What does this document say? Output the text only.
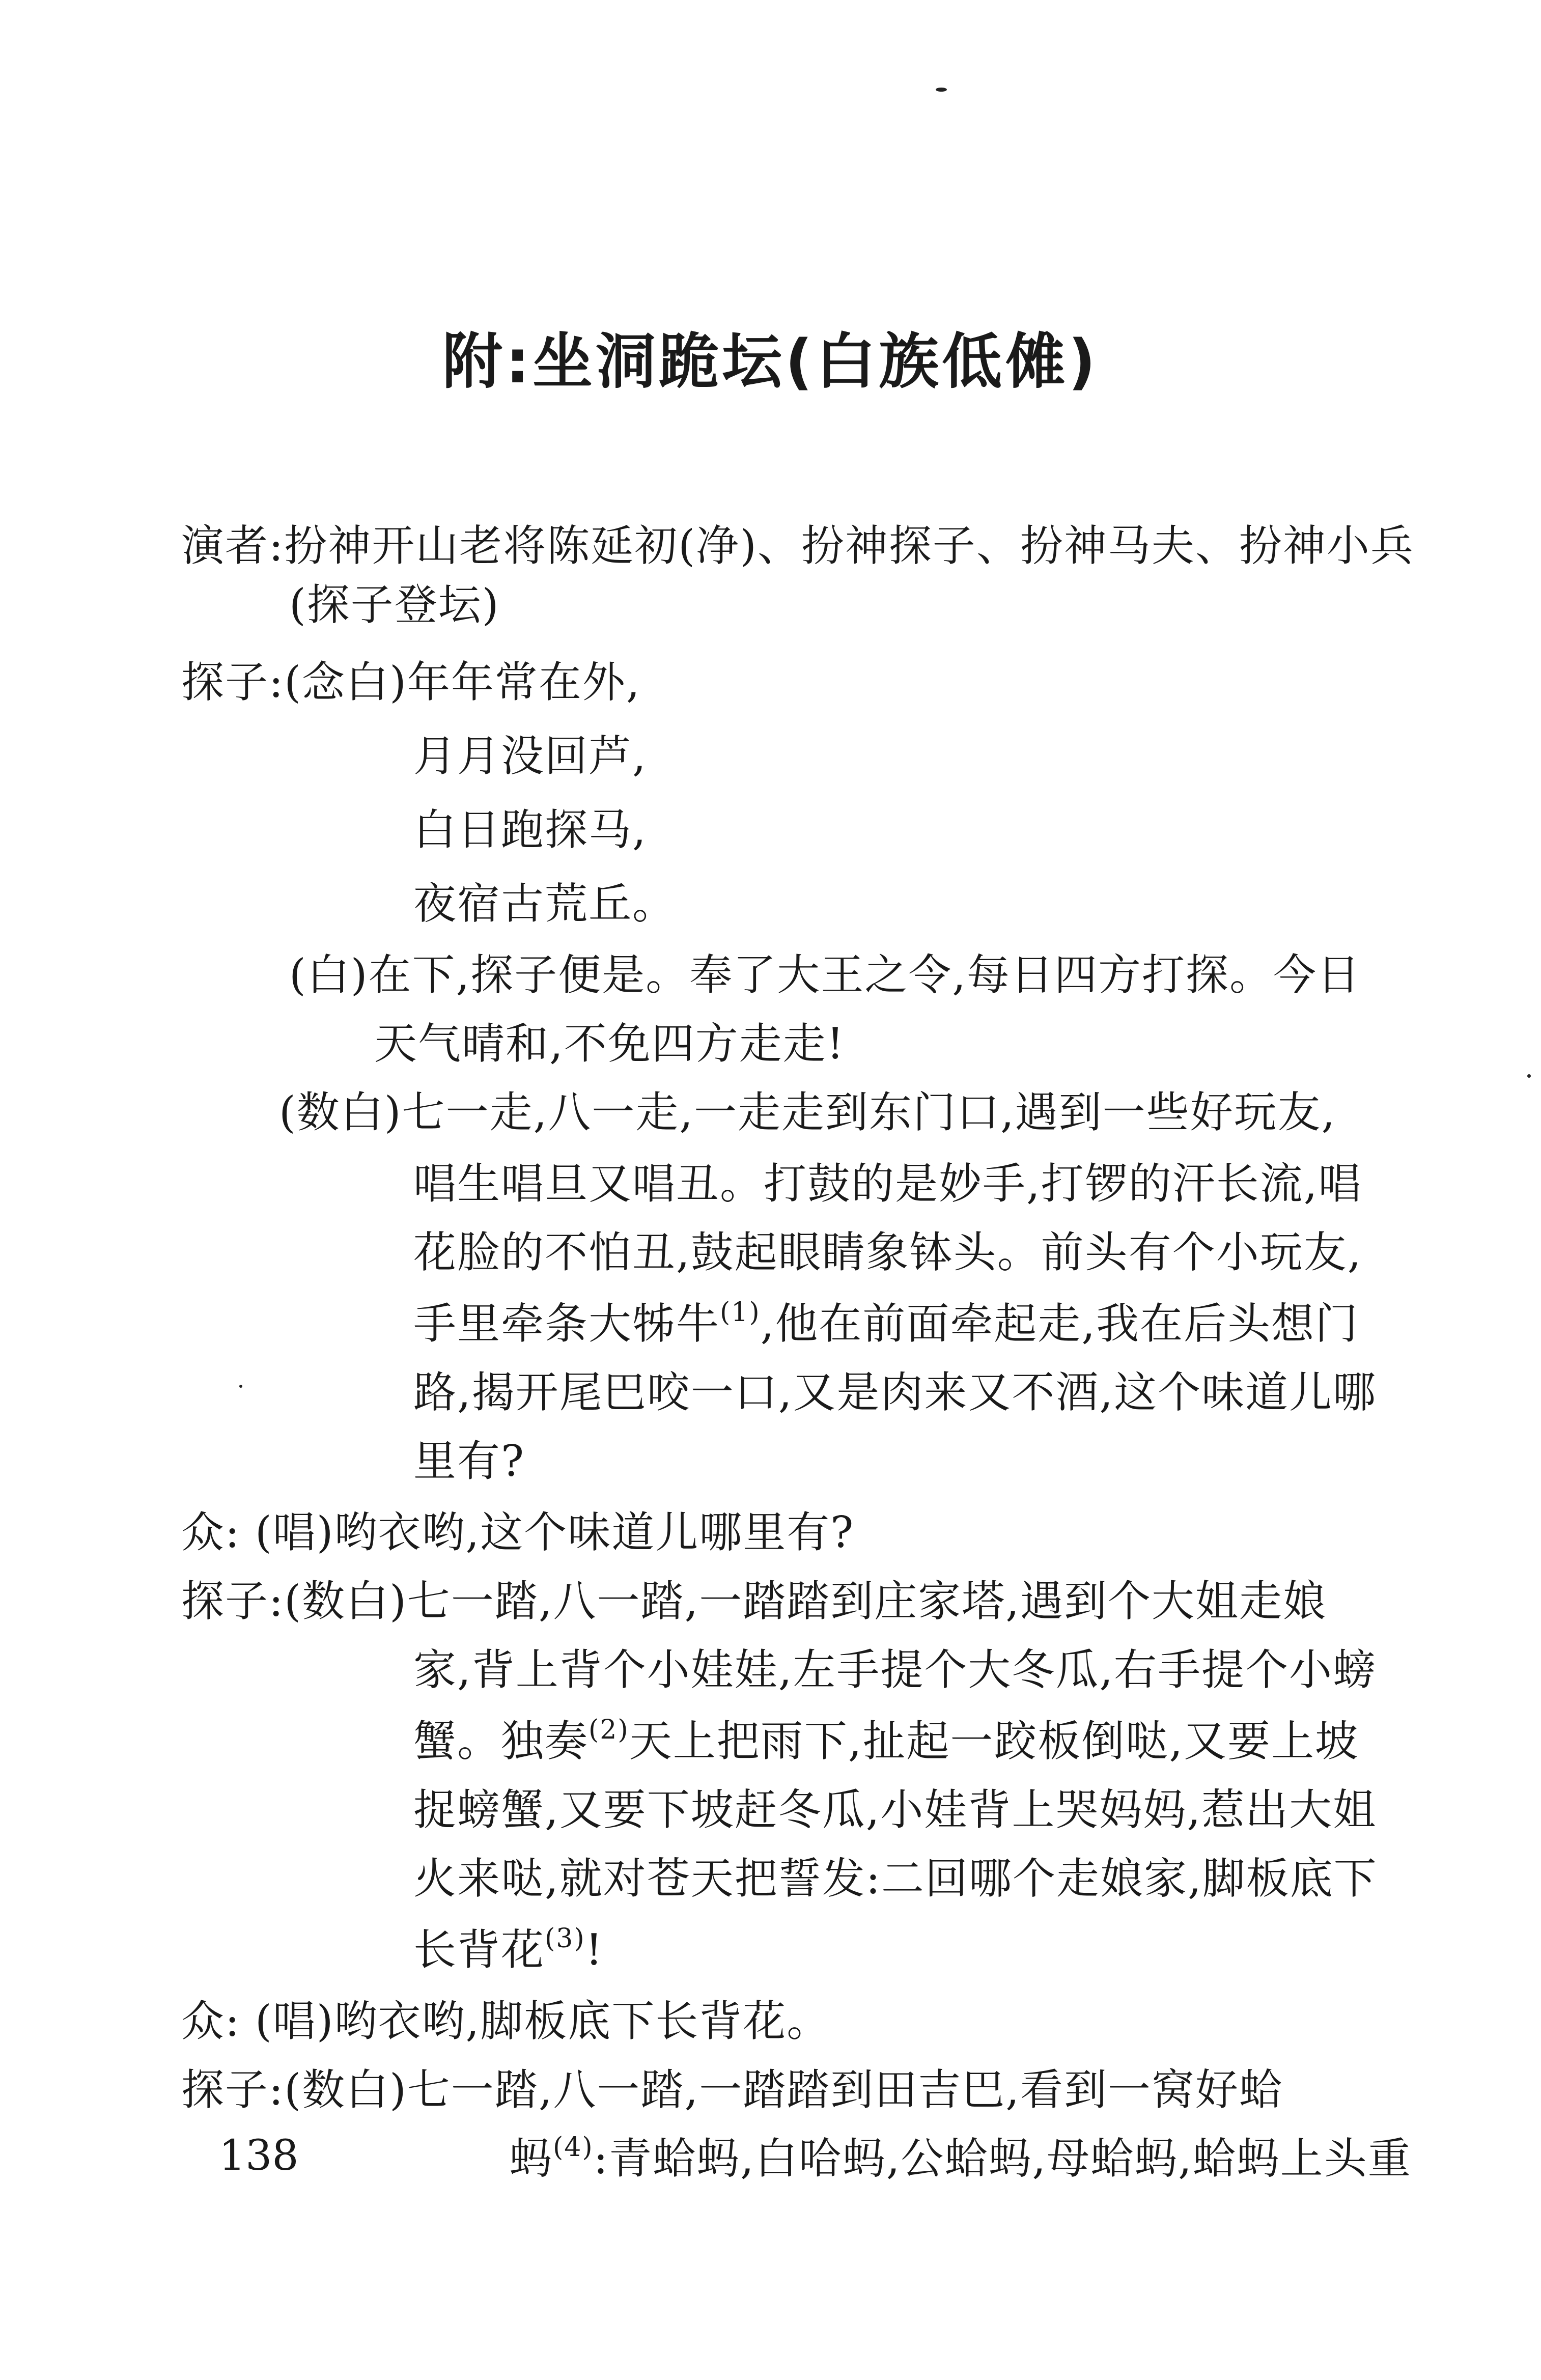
附:坐洞跪坛(白族低傩)
演者:扮神开山老将陈延初(净)、扮神探子、扮神马夫、扮神小兵
(探子登坛)
探子:(念白)年年常在外,
月月没回芦,
白日跑探马,
夜宿古荒丘。
(白)在下,探子便是。奉了大王之令,每日四方打探。今日
天气晴和,不免四方走走!
(数白)七一走,八一走,一走走到东门口,遇到一些好玩友,
唱生唱旦又唱丑。打鼓的是妙手,打锣的汗长流,唱
花脸的不怕丑,鼓起眼睛象钵头。前头有个小玩友,
手里牵条大牬牛$^{(1)}$,他在前面牵起走,我在后头想门
路,揭开尾巴咬一口,又是肉来又不酒,这个味道儿哪
里有?
众: (唱)哟衣哟,这个味道儿哪里有?
探子:(数白)七一踏,八一踏,一踏踏到庄家塔,遇到个大姐走娘
家,背上背个小娃娃,左手提个大冬瓜,右手提个小螃
蟹。独奏$^{(2)}$天上把雨下,扯起一跤板倒哒,又要上坡
捉螃蟹,又要下坡赶冬瓜,小娃背上哭妈妈,惹出大姐
火来哒,就对苍天把誓发:二回哪个走娘家,脚板底下
长背花$^{(3)}$!
众: (唱)哟衣哟,脚板底下长背花。
探子:(数白)七一踏,八一踏,一踏踏到田吉巴,看到一窝好蛤
蚂$^{(4)}$:青蛤蚂,白哈蚂,公蛤蚂,母蛤蚂,蛤蚂上头重
138
